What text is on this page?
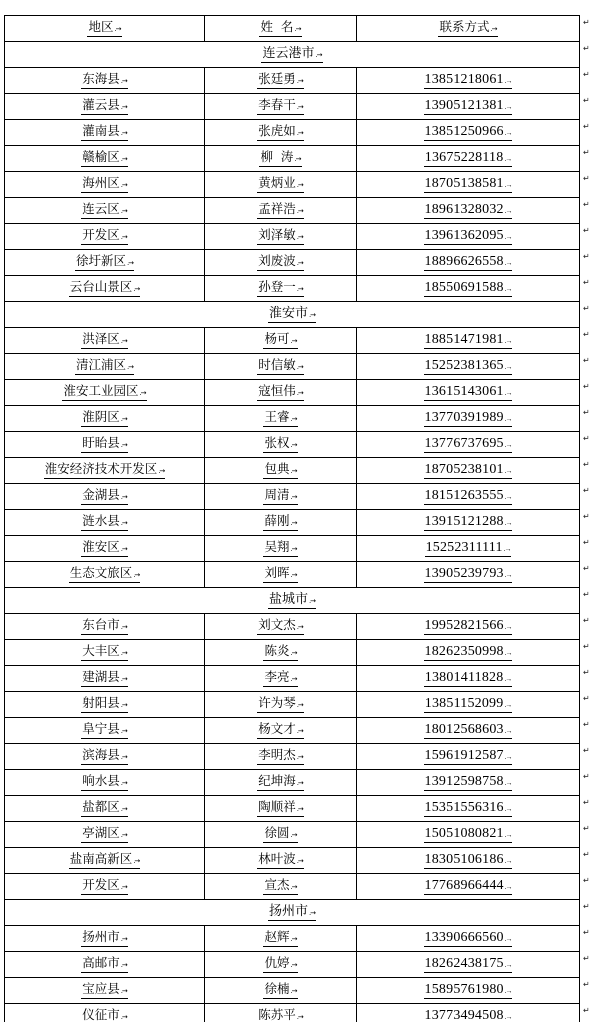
地区 .→	姓  名 .→	联系方式 .→
连云港市 .→
东海县 .→	张廷勇 .→	13851218061 .→
灌云县 .→	李春干 .→	13905121381 .→
灌南县 .→	张虎如 .→	13851250966 .→
赣榆区 .→	柳  涛 .→	13675228118 .→
海州区 .→	黄炳业 .→	18705138581 .→
连云区 .→	孟祥浩 .→	18961328032 .→
开发区 .→	刘泽敏 .→	13961362095 .→
徐圩新区 .→	刘废波 .→	18896626558 .→
云台山景区 .→	孙登一 .→	18550691588 .→
淮安市 .→
洪泽区 .→	杨可 .→	18851471981 .→
清江浦区 .→	时信敏 .→	15252381365 .→
淮安工业园区 .→	寇恒伟 .→	13615143061 .→
淮阴区 .→	王睿 .→	13770391989 .→
盱眙县 .→	张权 .→	13776737695 .→
淮安经济技术开发区 .→	包典 .→	18705238101 .→
金湖县 .→	周清 .→	18151263555 .→
涟水县 .→	薛刚 .→	13915121288 .→
淮安区 .→	吴翔 .→	15252311111 .→
生态文旅区 .→	刘晖 .→	13905239793 .→
盐城市 .→
东台市 .→	刘文杰 .→	19952821566 .→
大丰区 .→	陈炎 .→	18262350998 .→
建湖县 .→	李亮 .→	13801411828 .→
射阳县 .→	许为琴 .→	13851152099 .→
阜宁县 .→	杨文才 .→	18012568603 .→
滨海县 .→	李明杰 .→	15961912587 .→
响水县 .→	纪坤海 .→	13912598758 .→
盐都区 .→	陶顺祥 .→	15351556316 .→
亭湖区 .→	徐圆 .→	15051080821 .→
盐南高新区 .→	林叶波 .→	18305106186 .→
开发区 .→	宣杰 .→	17768966444 .→
扬州市 .→
扬州市 .→	赵辉 .→	13390666560 .→
高邮市 .→	仇婷 .→	18262438175 .→
宝应县 .→	徐楠 .→	15895761980 .→
仪征市 .→	陈苏平 .→	13773494508 .→
↵
↵
↵
↵
↵
↵
↵
↵
↵
↵
↵
↵
↵
↵
↵
↵
↵
↵
↵
↵
↵
↵
↵
↵
↵
↵
↵
↵
↵
↵
↵
↵
↵
↵
↵
↵
↵
↵
↵
